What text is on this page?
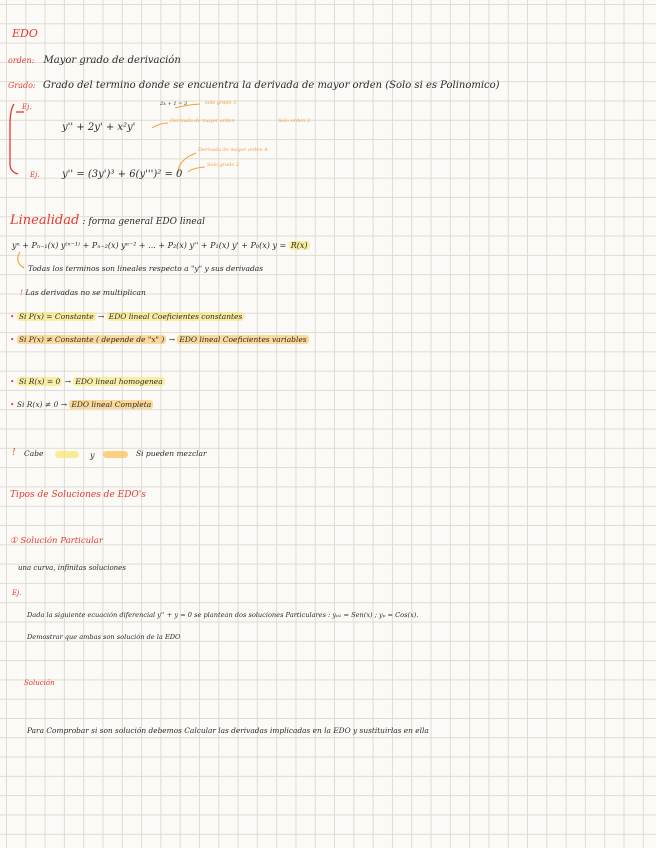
EDO
orden: Mayor grado de derivación
Grado: Grado del termino donde se encuentra la derivada de mayor orden (Solo si es Polinomico)
Ej.
y'' + 2y' + x²y'
2x + 1 = 3	solo grado 3
Derivada de mayor orden	Solo orden 2
Ej. y'' = (3y')³ + 6(y''')² = 0
Derivada de mayor orden 4
Solo grado 2
Linealidad : forma general EDO lineal
yⁿ + Pₙ₋₁(x) y⁽ⁿ⁻¹⁾ + Pₙ₋₂(x) yⁿ⁻² + ... + P₂(x) y'' + P₁(x) y' + P₀(x) y = R(x)
Todas los terminos son lineales respecto a "y" y sus derivadas
! Las derivadas no se multiplican
• Si P(x) = Constante → EDO lineal Coeficientes constantes
• Si P(x) ≠ Constante ( depende de "x" ) → EDO lineal Coeficientes variables
• Si R(x) = 0 → EDO lineal homogenea
• Si R(x) ≠ 0 → EDO lineal Completa
! Cabe	y	Si pueden mezclar
Tipos de Soluciones de EDO's
① Solución Particular
una curva, infinitas soluciones
Ej.
Dada la siguiente ecuación diferencial y'' + y = 0 se plantean dos soluciones Particulares : yₚ₁ = Sen(x) ; yₚ = Cos(x).
Demostrar que ambas son solución de la EDO
Solución
Para Comprobar si son solución debemos Calcular las derivadas implicadas en la EDO y sustituirlas en ella
